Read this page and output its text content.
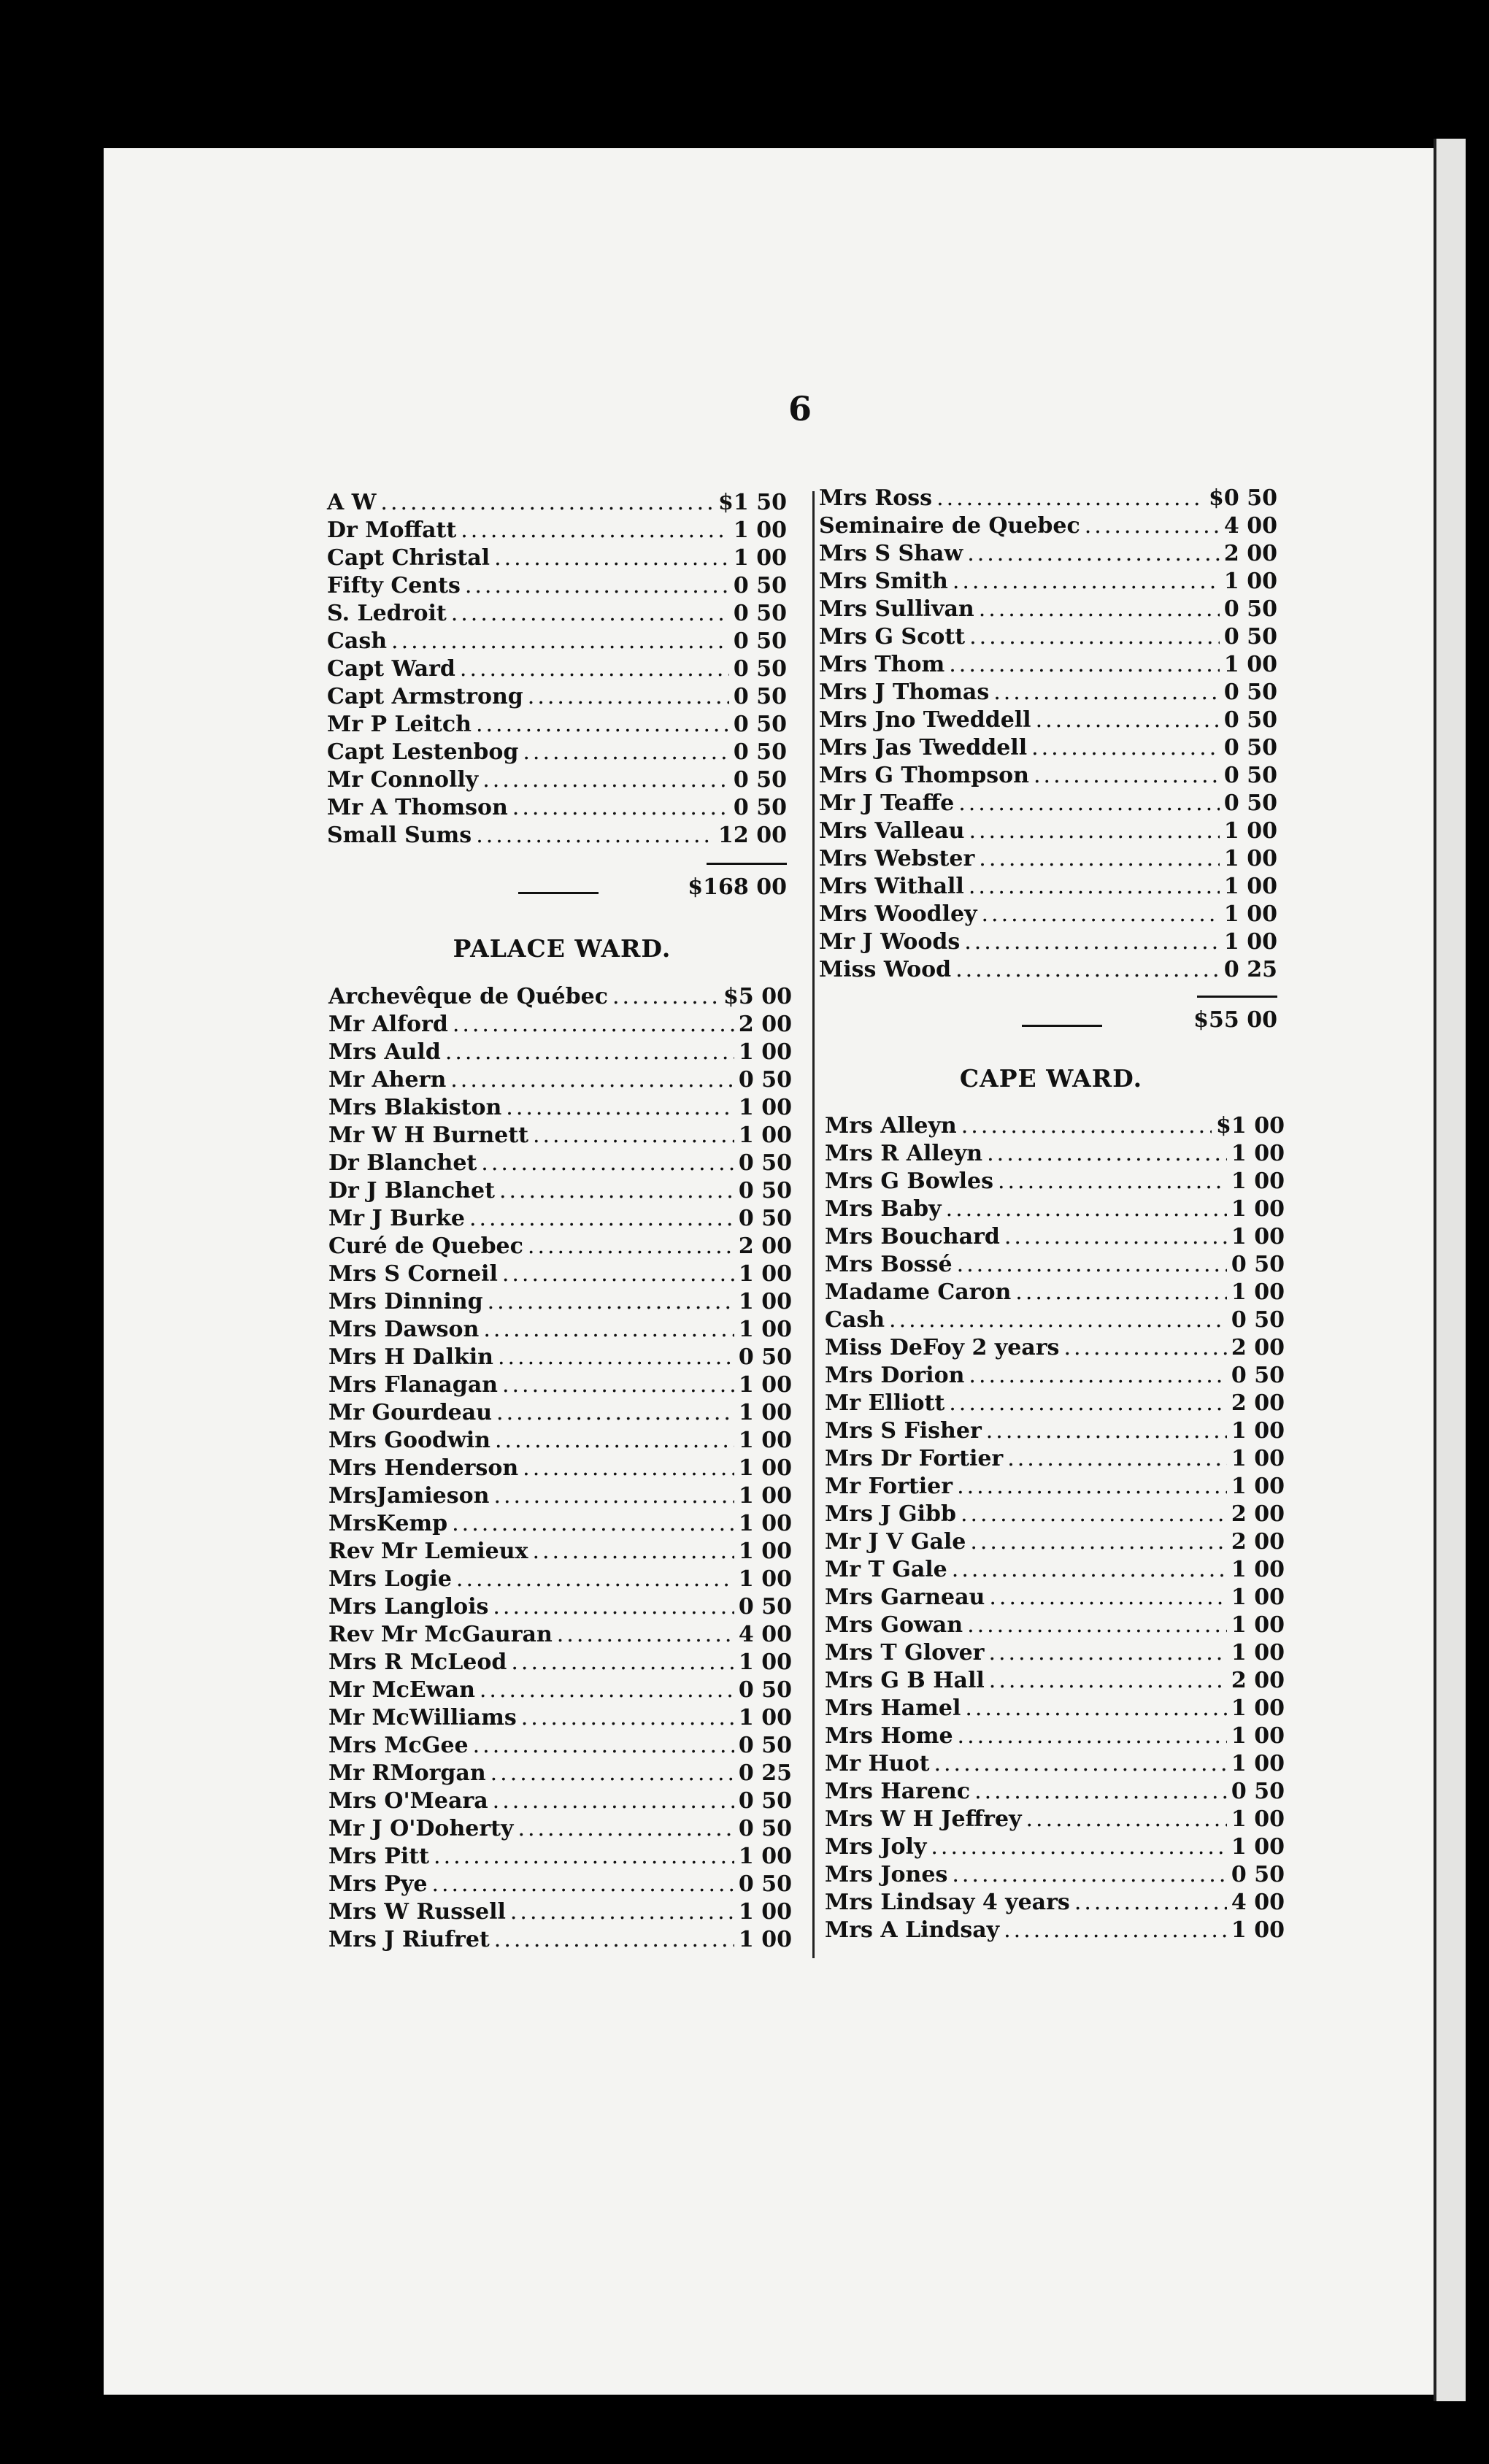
6
A W .....	$1 50
Dr Moffatt .....	1 00
Capt Christal .....	1 00
Fifty Cents .....	0 50
S. Ledroit .....	0 50
Cash .....	0 50
Capt Ward .....	0 50
Capt Armstrong .....	0 50
Mr P Leitch .....	0 50
Capt Lestenbog .....	0 50
Mr Connolly .....	0 50
Mr A Thomson .....	0 50
Small Sums .....	12 00
$168 00
PALACE WARD.
Archevêque de Québec .....	$5 00
Mr Alford .....	2 00
Mrs Auld .....	1 00
Mr Ahern .....	0 50
Mrs Blakiston .....	1 00
Mr W H Burnett .....	1 00
Dr Blanchet .....	0 50
Dr J Blanchet .....	0 50
Mr J Burke .....	0 50
Curé de Quebec .....	2 00
Mrs S Corneil .....	1 00
Mrs Dinning .....	1 00
Mrs Dawson .....	1 00
Mrs H Dalkin .....	0 50
Mrs Flanagan .....	1 00
Mr Gourdeau .....	1 00
Mrs Goodwin .....	1 00
Mrs Henderson .....	1 00
MrsJamieson .....	1 00
MrsKemp .....	1 00
Rev Mr Lemieux .....	1 00
Mrs Logie .....	1 00
Mrs Langlois .....	0 50
Rev Mr McGauran .....	4 00
Mrs R McLeod .....	1 00
Mr McEwan .....	0 50
Mr McWilliams .....	1 00
Mrs McGee .....	0 50
Mr RMorgan .....	0 25
Mrs O'Meara .....	0 50
Mr J O'Doherty .....	0 50
Mrs Pitt .....	1 00
Mrs Pye .....	0 50
Mrs W Russell .....	1 00
Mrs J Riufret .....	1 00
Mrs Ross .....	$0 50
Seminaire de Quebec .....	4 00
Mrs S Shaw .....	2 00
Mrs Smith .....	1 00
Mrs Sullivan .....	0 50
Mrs G Scott .....	0 50
Mrs Thom .....	1 00
Mrs J Thomas .....	0 50
Mrs Jno Tweddell .....	0 50
Mrs Jas Tweddell .....	0 50
Mrs G Thompson .....	0 50
Mr J Teaffe .....	0 50
Mrs Valleau .....	1 00
Mrs Webster .....	1 00
Mrs Withall .....	1 00
Mrs Woodley .....	1 00
Mr J Woods .....	1 00
Miss Wood .....	0 25
$55 00
CAPE WARD.
Mrs Alleyn .....	$1 00
Mrs R Alleyn .....	1 00
Mrs G Bowles .....	1 00
Mrs Baby .....	1 00
Mrs Bouchard .....	1 00
Mrs Bossé .....	0 50
Madame Caron .....	1 00
Cash .....	0 50
Miss DeFoy 2 years .....	2 00
Mrs Dorion .....	0 50
Mr Elliott .....	2 00
Mrs S Fisher .....	1 00
Mrs Dr Fortier .....	1 00
Mr Fortier .....	1 00
Mrs J Gibb .....	2 00
Mr J V Gale .....	2 00
Mr T Gale .....	1 00
Mrs Garneau .....	1 00
Mrs Gowan .....	1 00
Mrs T Glover .....	1 00
Mrs G B Hall .....	2 00
Mrs Hamel .....	1 00
Mrs Home .....	1 00
Mr Huot .....	1 00
Mrs Harenc .....	0 50
Mrs W H Jeffrey .....	1 00
Mrs Joly .....	1 00
Mrs Jones .....	0 50
Mrs Lindsay 4 years .....	4 00
Mrs A Lindsay .....	1 00
